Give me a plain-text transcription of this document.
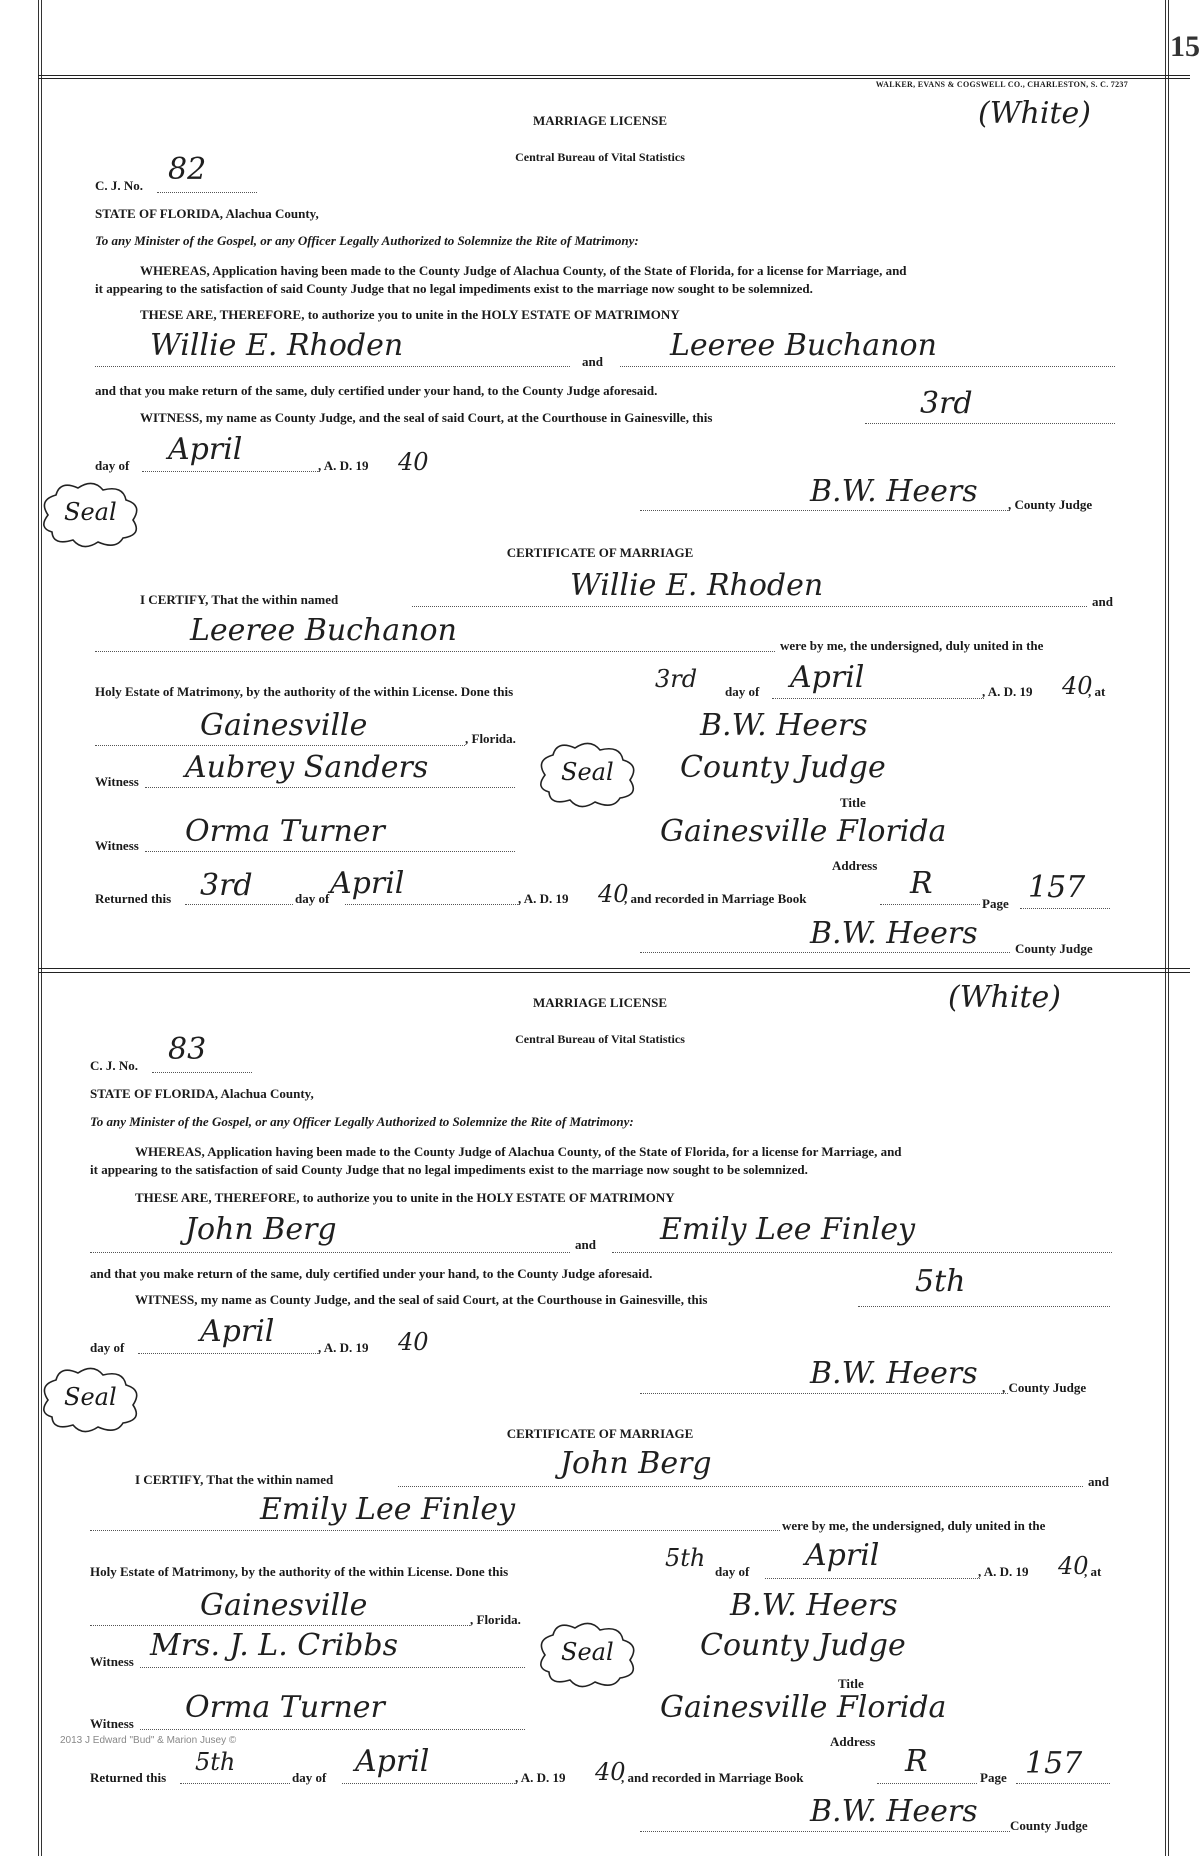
15
WALKER, EVANS & COGSWELL CO., CHARLESTON, S. C. 7237
MARRIAGE LICENSE	(White)
Central Bureau of Vital Statistics
C. J. No. 82
STATE OF FLORIDA, Alachua County,
To any Minister of the Gospel, or any Officer Legally Authorized to Solemnize the Rite of Matrimony:
WHEREAS, Application having been made to the County Judge of Alachua County, of the State of Florida, for a license for Marriage, and
it appearing to the satisfaction of said County Judge that no legal impediments exist to the marriage now sought to be solemnized.
THESE ARE, THEREFORE, to authorize you to unite in the HOLY ESTATE OF MATRIMONY
Willie E. Rhoden	and Leeree Buchanon
and that you make return of the same, duly certified under your hand, to the County Judge aforesaid.
WITNESS, my name as County Judge, and the seal of said Court, at the Courthouse in Gainesville, this	3rd
day of April	, A. D. 19 40
Seal
B.W. Heers , County Judge
CERTIFICATE OF MARRIAGE
I CERTIFY, That the within named	Willie E. Rhoden	and
Leeree Buchanon	were by me, the undersigned, duly united in the
Holy Estate of Matrimony, by the authority of the within License. Done this	3rd day of April	, A. D. 19 40
, at
Gainesville	, Florida.	B.W. Heers
Witness Aubrey Sanders	Seal County Judge
Title
Witness Orma Turner	Gainesville Florida
Address
Returned this 3rd	day of April	, A. D. 19 40
, and recorded in Marriage Book	R
Page 157
B.W. Heers	County Judge
MARRIAGE LICENSE	(White)
Central Bureau of Vital Statistics
C. J. No. 83
STATE OF FLORIDA, Alachua County,
To any Minister of the Gospel, or any Officer Legally Authorized to Solemnize the Rite of Matrimony:
WHEREAS, Application having been made to the County Judge of Alachua County, of the State of Florida, for a license for Marriage, and
it appearing to the satisfaction of said County Judge that no legal impediments exist to the marriage now sought to be solemnized.
THESE ARE, THEREFORE, to authorize you to unite in the HOLY ESTATE OF MATRIMONY
John Berg	and Emily Lee Finley
and that you make return of the same, duly certified under your hand, to the County Judge aforesaid.
WITNESS, my name as County Judge, and the seal of said Court, at the Courthouse in Gainesville, this
5th
day of	April	, A. D. 19 40
Seal
B.W. Heers , County Judge
CERTIFICATE OF MARRIAGE
I CERTIFY, That the within named	John Berg
and
Emily Lee Finley	were by me, the undersigned, duly united in the
Holy Estate of Matrimony, by the authority of the within License. Done this	5th day of April	, A. D. 19 40
, at
Gainesville	, Florida.	B.W. Heers
Witness Mrs. J. L. Cribbs	Seal	County Judge
Title
Witness Orma Turner	Gainesville Florida
Address
Returned this
5th
day of April	, A. D. 19 40
, and recorded in Marriage Book	R	Page 157
B.W. Heers County Judge
2013 J Edward "Bud" & Marion Jusey ©
